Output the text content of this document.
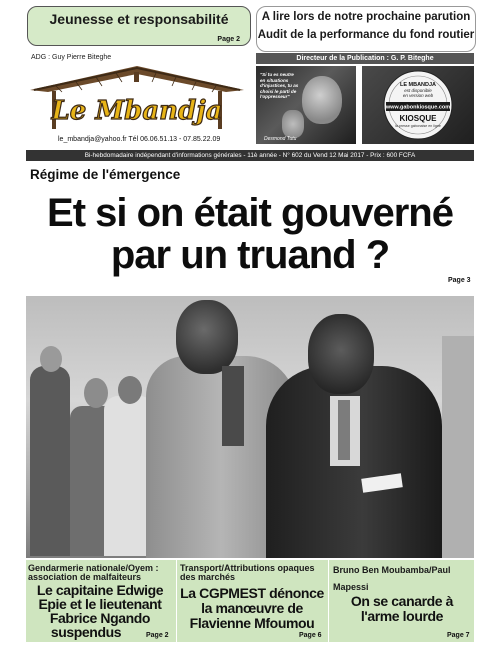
Jeunesse et responsabilité
Page 2
A lire lors de notre prochaine parution
Audit de la performance du fond routier
ADG : Guy Pierre Biteghe
Le Mbandja
le_mbandja@yahoo.fr Tél 06.06.51.13 - 07.85.22.09
Directeur de la Publication : G. P. Biteghe
"Si tu es neutre en situations d'injustices, tu as choisi le parti de l'oppresseur"
Desmond Tutu
LE MBANDJA
est disponible
en version web
www.gabonkiosque.com
KIOSQUE
la presse gabonaise en ligne
Bi-hebdomadaire indépendant d'informations générales - 11è année - N° 602 du Vend 12 Mai 2017 - Prix : 600 FCFA
Régime de l'émergence
Et si on était gouverné
par un truand ?
Page 3
Gendarmerie nationale/Oyem :
association de malfaiteurs
Le capitaine Edwige
Epie et le lieutenant
Fabrice Ngando
suspendus	Page 2
Transport/Attributions opaques
des marchés
La CGPMEST dénonce
la manœuvre de
Flavienne Mfoumou
Page 6
Bruno Ben Moubamba/Paul
Mapessi
On se canarde à
l'arme lourde
Page 7
